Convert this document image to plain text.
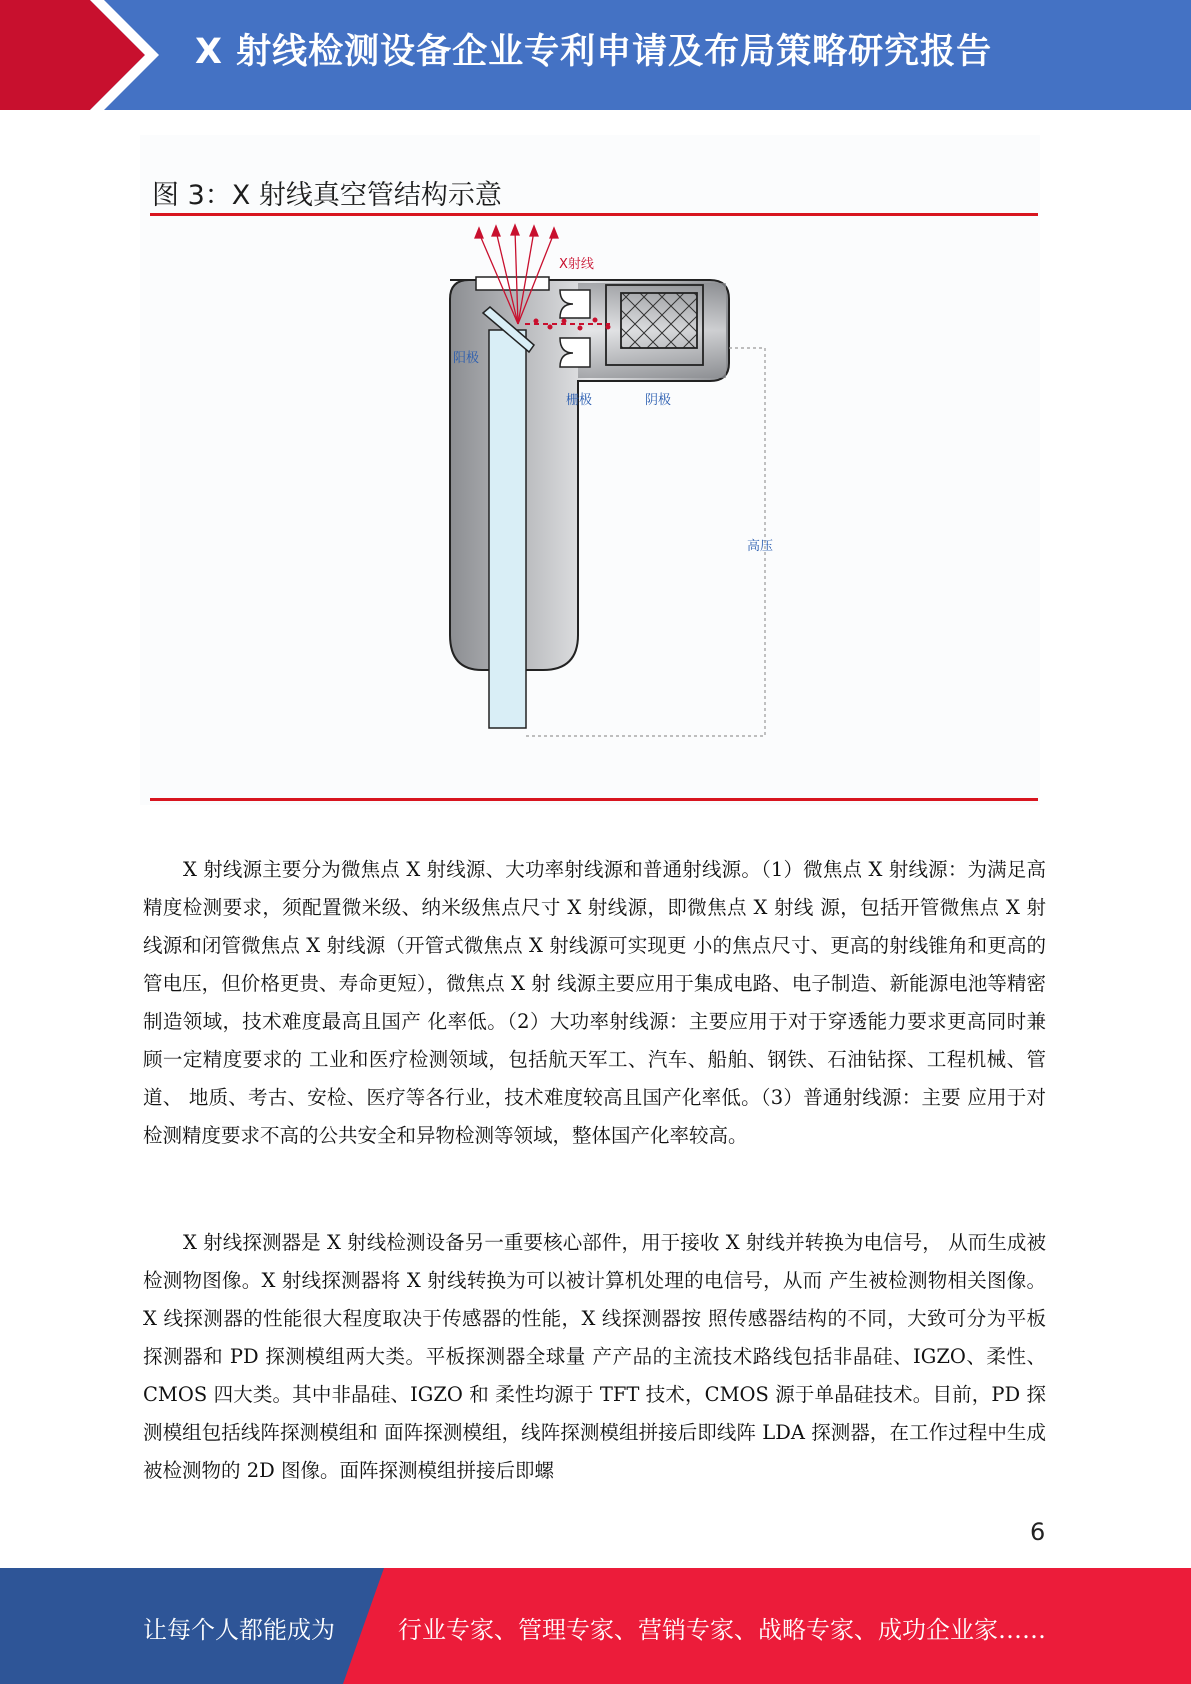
X 射线检测设备企业专利申请及布局策略研究报告
图 3：X 射线真空管结构示意
X射线
阳极
栅极	阴极
高压

X 射线源主要分为微焦点 X 射线源、大功率射线源和普通射线源。（1）微焦点 X 射线源：为满足高精度检测要求，须配置微米级、纳米级焦点尺寸 X 射线源，即微焦点 X 射线 源，包括开管微焦点 X 射线源和闭管微焦点 X 射线源（开管式微焦点 X 射线源可实现更 小的焦点尺寸、更高的射线锥角和更高的管电压，但价格更贵、寿命更短），微焦点 X 射 线源主要应用于集成电路、电子制造、新能源电池等精密制造领域，技术难度最高且国产 化率低。（2）大功率射线源：主要应用于对于穿透能力要求更高同时兼顾一定精度要求的 工业和医疗检测领域，包括航天军工、汽车、船舶、钢铁、石油钻探、工程机械、管道、 地质、考古、安检、医疗等各行业，技术难度较高且国产化率低。（3）普通射线源：主要 应用于对检测精度要求不高的公共安全和异物检测等领域，整体国产化率较高。

X 射线探测器是 X 射线检测设备另一重要核心部件，用于接收 X 射线并转换为电信号， 从而生成被检测物图像。X 射线探测器将 X 射线转换为可以被计算机处理的电信号，从而 产生被检测物相关图像。X 线探测器的性能很大程度取决于传感器的性能，X 线探测器按 照传感器结构的不同，大致可分为平板探测器和 PD 探测模组两大类。平板探测器全球量 产产品的主流技术路线包括非晶硅、IGZO、柔性、CMOS 四大类。其中非晶硅、IGZO 和 柔性均源于 TFT 技术，CMOS 源于单晶硅技术。目前，PD 探测模组包括线阵探测模组和 面阵探测模组，线阵探测模组拼接后即线阵 LDA 探测器，在工作过程中生成被检测物的 2D 图像。面阵探测模组拼接后即螺

6
让每个人都能成为	行业专家、管理专家、营销专家、战略专家、成功企业家……
